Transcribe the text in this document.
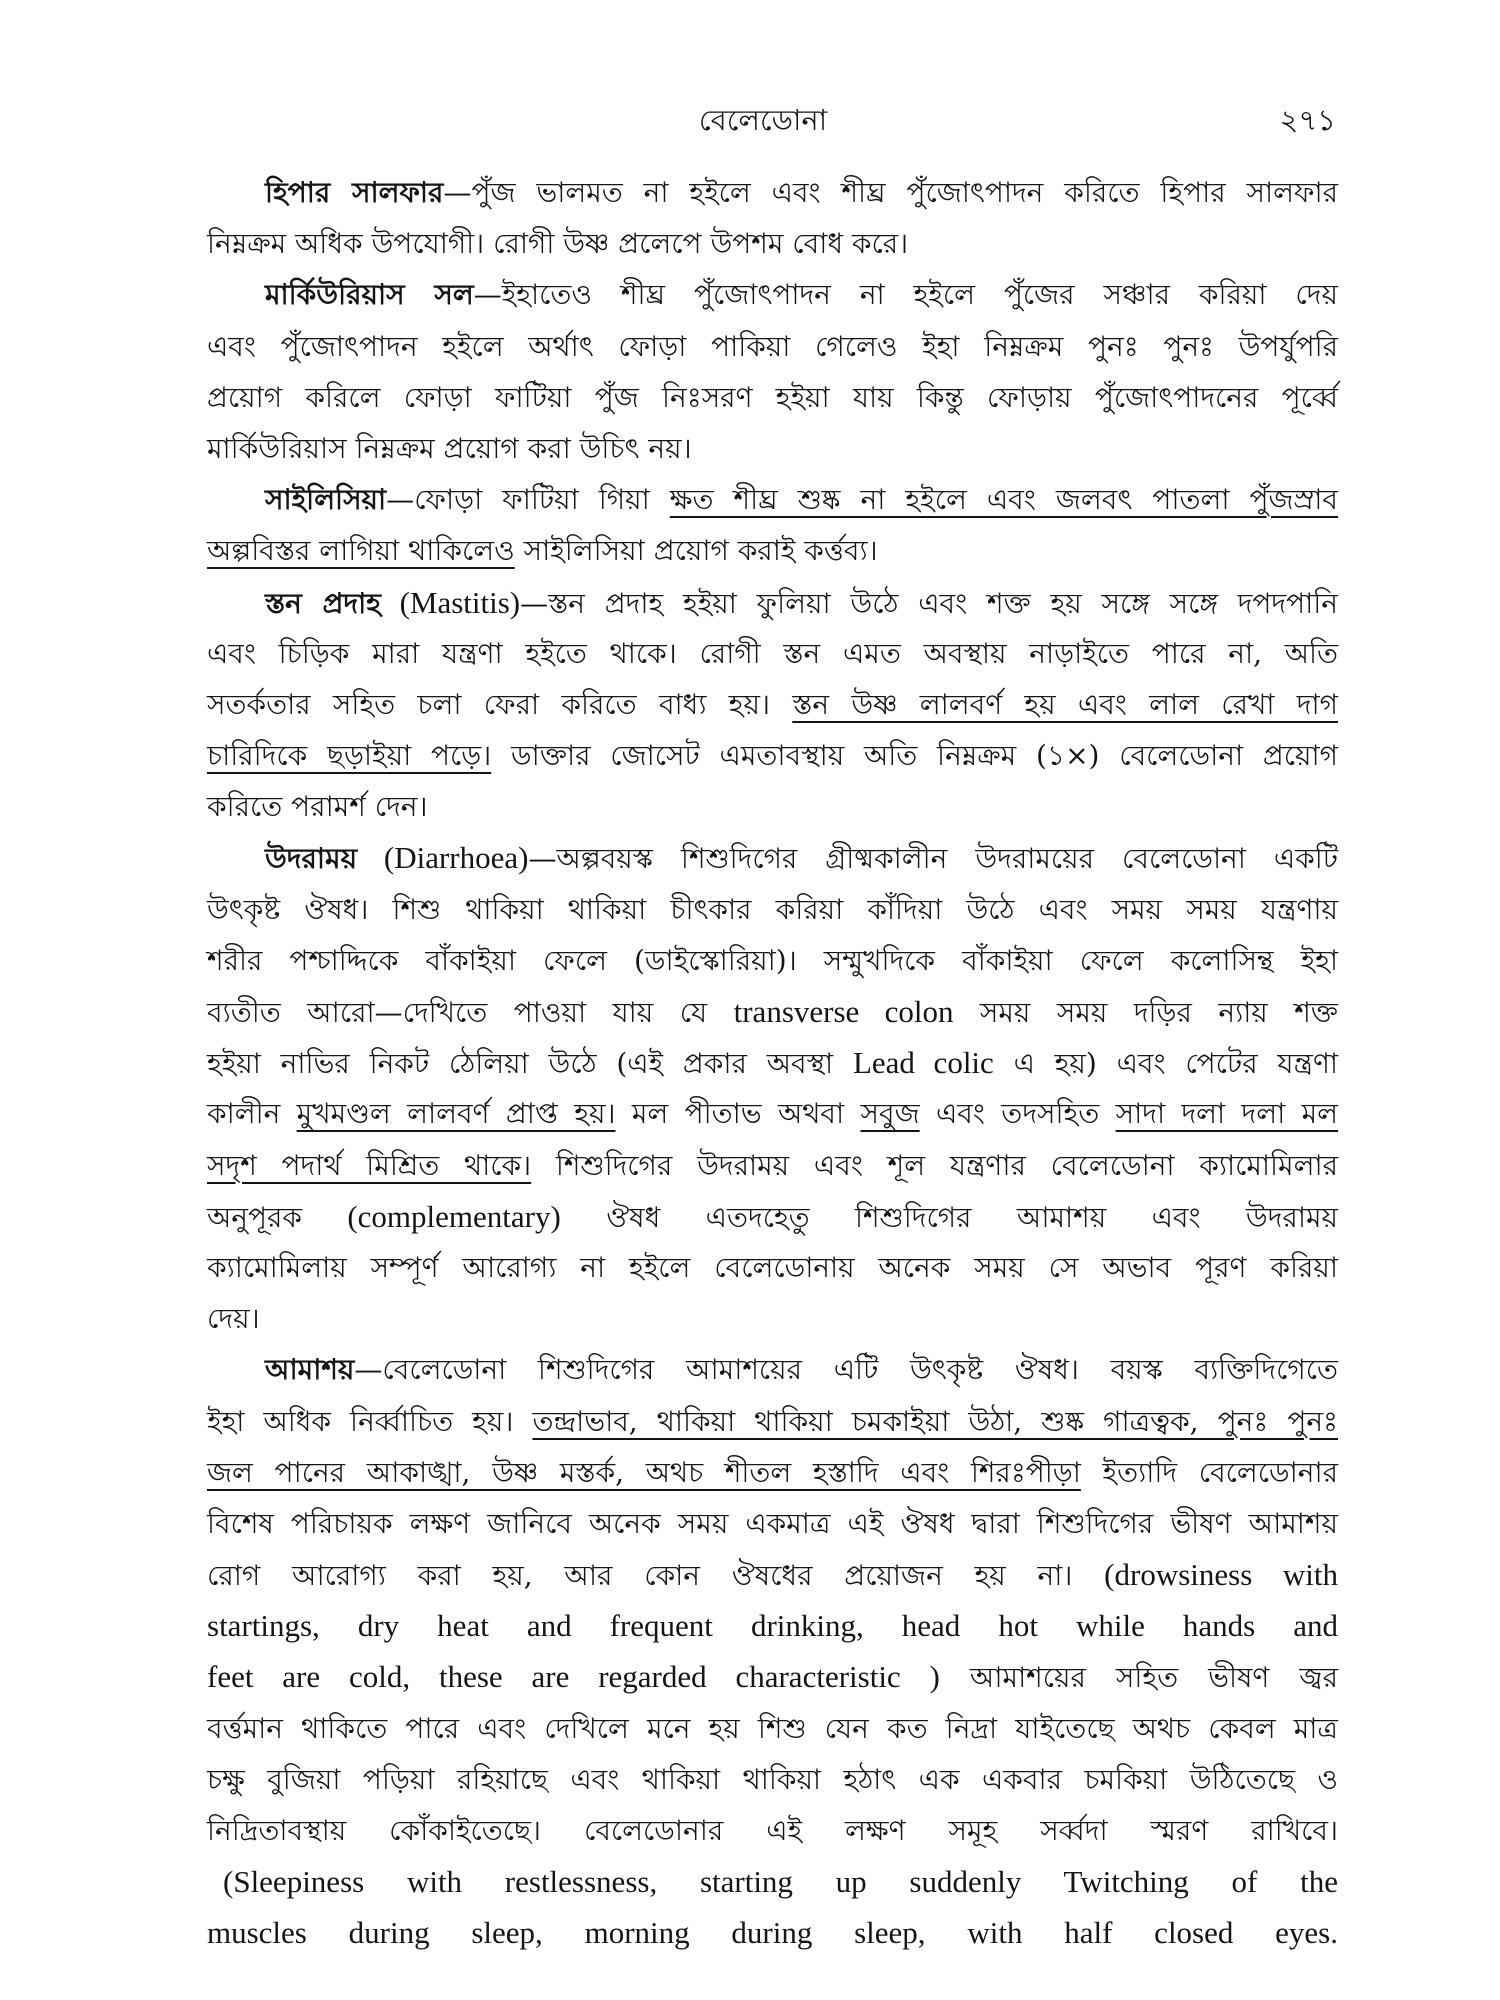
বেলেডোনা	২৭১
হিপার সালফার—পুঁজ ভালমত না হইলে এবং শীঘ্র পুঁজোৎপাদন করিতে হিপার সালফার
নিম্নক্রম অধিক উপযোগী। রোগী উষ্ণ প্রলেপে উপশম বোধ করে।
মার্কিউরিয়াস সল—ইহাতেও শীঘ্র পুঁজোৎপাদন না হইলে পুঁজের সঞ্চার করিয়া দেয়
এবং পুঁজোৎপাদন হইলে অর্থাৎ ফোড়া পাকিয়া গেলেও ইহা নিম্নক্রম পুনঃ পুনঃ উপর্যুপরি
প্রয়োগ করিলে ফোড়া ফাটিয়া পুঁজ নিঃসরণ হইয়া যায় কিন্তু ফোড়ায় পুঁজোৎপাদনের পূর্ব্বে
মার্কিউরিয়াস নিম্নক্রম প্রয়োগ করা উচিৎ নয়।
সাইলিসিয়া—ফোড়া ফাটিয়া গিয়া ক্ষত শীঘ্র শুষ্ক না হইলে এবং জলবৎ পাতলা পুঁজস্রাব
অল্পবিস্তর লাগিয়া থাকিলেও সাইলিসিয়া প্রয়োগ করাই কর্ত্তব্য।
স্তন প্রদাহ (Mastitis)—স্তন প্রদাহ হইয়া ফুলিয়া উঠে এবং শক্ত হয় সঙ্গে সঙ্গে দপদপানি
এবং চিড়িক মারা যন্ত্রণা হইতে থাকে। রোগী স্তন এমত অবস্থায় নাড়াইতে পারে না, অতি
সতর্কতার সহিত চলা ফেরা করিতে বাধ্য হয়। স্তন উষ্ণ লালবর্ণ হয় এবং লাল রেখা দাগ
চারিদিকে ছড়াইয়া পড়ে। ডাক্তার জোসেট এমতাবস্থায় অতি নিম্নক্রম (১×) বেলেডোনা প্রয়োগ
করিতে পরামর্শ দেন।
উদরাময় (Diarrhoea)—অল্পবয়স্ক শিশুদিগের গ্রীষ্মকালীন উদরাময়ের বেলেডোনা একটি
উৎকৃষ্ট ঔষধ। শিশু থাকিয়া থাকিয়া চীৎকার করিয়া কাঁদিয়া উঠে এবং সময় সময় যন্ত্রণায়
শরীর পশ্চাদ্দিকে বাঁকাইয়া ফেলে (ডাইস্কোরিয়া)। সম্মুখদিকে বাঁকাইয়া ফেলে কলোসিন্থ ইহা
ব্যতীত আরো—দেখিতে পাওয়া যায় যে transverse colon সময় সময় দড়ির ন্যায় শক্ত
হইয়া নাভির নিকট ঠেলিয়া উঠে (এই প্রকার অবস্থা Lead colic এ হয়) এবং পেটের যন্ত্রণা
কালীন মুখমণ্ডল লালবর্ণ প্রাপ্ত হয়। মল পীতাভ অথবা সবুজ এবং তদসহিত সাদা দলা দলা মল
সদৃশ পদার্থ মিশ্রিত থাকে। শিশুদিগের উদরাময় এবং শূল যন্ত্রণার বেলেডোনা ক্যামোমিলার
অনুপূরক (complementary) ঔষধ এতদহেতু শিশুদিগের আমাশয় এবং উদরাময়
ক্যামোমিলায় সম্পূর্ণ আরোগ্য না হইলে বেলেডোনায় অনেক সময় সে অভাব পূরণ করিয়া
দেয়।
আমাশয়—বেলেডোনা শিশুদিগের আমাশয়ের এটি উৎকৃষ্ট ঔষধ। বয়স্ক ব্যক্তিদিগেতে
ইহা অধিক নির্ব্বাচিত হয়। তন্দ্রাভাব, থাকিয়া থাকিয়া চমকাইয়া উঠা, শুষ্ক গাত্রত্বক, পুনঃ পুনঃ
জল পানের আকাঙ্খা, উষ্ণ মস্তর্ক, অথচ শীতল হস্তাদি এবং শিরঃপীড়া ইত্যাদি বেলেডোনার
বিশেষ পরিচায়ক লক্ষণ জানিবে অনেক সময় একমাত্র এই ঔষধ দ্বারা শিশুদিগের ভীষণ আমাশয়
রোগ আরোগ্য করা হয়, আর কোন ঔষধের প্রয়োজন হয় না। (drowsiness with
startings, dry heat and frequent drinking, head hot while hands and
feet are cold, these are regarded characteristic ) আমাশয়ের সহিত ভীষণ জ্বর
বর্ত্তমান থাকিতে পারে এবং দেখিলে মনে হয় শিশু যেন কত নিদ্রা যাইতেছে অথচ কেবল মাত্র
চক্ষু বুজিয়া পড়িয়া রহিয়াছে এবং থাকিয়া থাকিয়া হঠাৎ এক একবার চমকিয়া উঠিতেছে ও
নিদ্রিতাবস্থায় কোঁকাইতেছে। বেলেডোনার এই লক্ষণ সমূহ সর্ব্বদা স্মরণ রাখিবে।
(Sleepiness with restlessness, starting up suddenly Twitching of the
muscles during sleep, morning during sleep, with half closed eyes.
